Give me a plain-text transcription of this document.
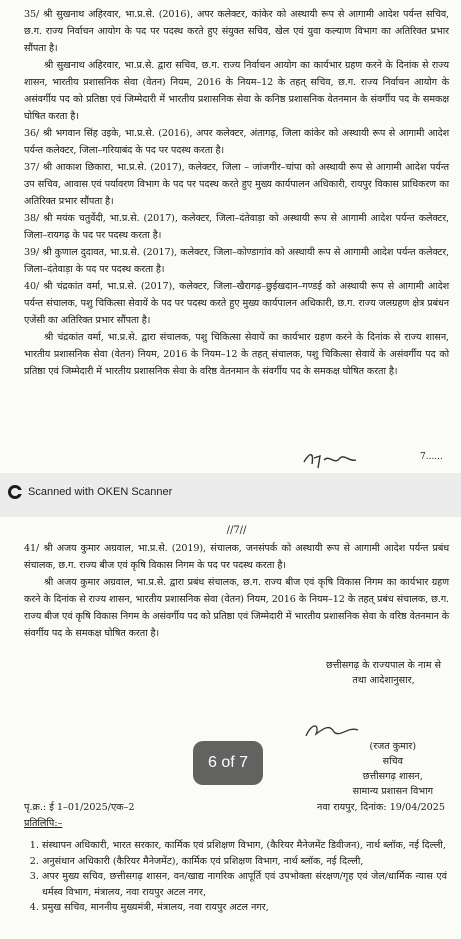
35/ श्री सुखनाथ अहिरवार, भा.प्र.से. (2016), अपर कलेक्टर, कांकेर को अस्थायी रूप से आगामी आदेश पर्यन्त सचिव, छ.ग. राज्य निर्वाचन आयोग के पद पर पदस्थ करते हुए संयुक्त सचिव, खेल एवं युवा कल्याण विभाग का अतिरिक्त प्रभार सौंपता है।

श्री सुखनाथ अहिरवार, भा.प्र.से. द्वारा सचिव, छ.ग. राज्य निर्वाचन आयोग का कार्यभार ग्रहण करने के दिनांक से राज्य शासन, भारतीय प्रशासनिक सेवा (वेतन) नियम, 2016 के नियम–12 के तहत् सचिव, छ.ग. राज्य निर्वाचन आयोग के असंवर्गीय पद को प्रतिष्ठा एवं जिम्मेदारी में भारतीय प्रशासनिक सेवा के कनिष्ठ प्रशासनिक वेतनमान के संवर्गीय पद के समकक्ष घोषित करता है।

36/ श्री भगवान सिंह उइके, भा.प्र.से. (2016), अपर कलेक्टर, अंतागढ़, जिला कांकेर को अस्थायी रूप से आगामी आदेश पर्यन्त कलेक्टर, जिला–गरियाबंद के पद पर पदस्थ करता है।

37/ श्री आकाश छिकारा, भा.प्र.से. (2017), कलेक्टर, जिला – जांजगीर–चांपा को अस्थायी रूप से आगामी आदेश पर्यन्त उप सचिव, आवास एवं पर्यावरण विभाग के पद पर पदस्थ करते हुए मुख्य कार्यपालन अधिकारी, रायपुर विकास प्राधिकरण का अतिरिक्त प्रभार सौंपता है।

38/ श्री मयंक चतुर्वेदी, भा.प्र.से. (2017), कलेक्टर, जिला–दंतेवाड़ा को अस्थायी रूप से आगामी आदेश पर्यन्त कलेक्टर, जिला–रायगढ़ के पद पर पदस्थ करता है।

39/ श्री कुणाल दुदावत, भा.प्र.से. (2017), कलेक्टर, जिला–कोण्डागांव को अस्थायी रूप से आगामी आदेश पर्यन्त कलेक्टर, जिला–दंतेवाड़ा के पद पर पदस्थ करता है।

40/ श्री चंद्रकांत वर्मा, भा.प्र.से. (2017), कलेक्टर, जिला–खैरागढ़–छुईखदान–गण्डई को अस्थायी रूप से आगामी आदेश पर्यन्त संचालक, पशु चिकित्सा सेवायें के पद पर पदस्थ करते हुए मुख्य कार्यपालन अधिकारी, छ.ग. राज्य जलग्रहण क्षेत्र प्रबंधन एजेंसी का अतिरिक्त प्रभार सौंपता है।

श्री चंद्रकांत वर्मा, भा.प्र.से. द्वारा संचालक, पशु चिकित्सा सेवायें का कार्यभार ग्रहण करने के दिनांक से राज्य शासन, भारतीय प्रशासनिक सेवा (वेतन) नियम, 2016 के नियम–12 के तहत् संचालक, पशु चिकित्सा सेवायें के असंवर्गीय पद को प्रतिष्ठा एवं जिम्मेदारी में भारतीय प्रशासनिक सेवा के वरिष्ठ वेतनमान के संवर्गीय पद के समकक्ष घोषित करता है।

7......
Scanned with OKEN Scanner
//7//

41/ श्री अजय कुमार अग्रवाल, भा.प्र.से. (2019), संचालक, जनसंपर्क को अस्थायी रूप से आगामी आदेश पर्यन्त प्रबंध संचालक, छ.ग. राज्य बीज एवं कृषि विकास निगम के पद पर पदस्थ करता है।

श्री अजय कुमार अग्रवाल, भा.प्र.से. द्वारा प्रबंध संचालक, छ.ग. राज्य बीज एवं कृषि विकास निगम का कार्यभार ग्रहण करने के दिनांक से राज्य शासन, भारतीय प्रशासनिक सेवा (वेतन) नियम, 2016 के नियम–12 के तहत् प्रबंध संचालक, छ.ग. राज्य बीज एवं कृषि विकास निगम के असंवर्गीय पद को प्रतिष्ठा एवं जिम्मेदारी में भारतीय प्रशासनिक सेवा के वरिष्ठ वेतनमान के संवर्गीय पद के समकक्ष घोषित करता है।

छत्तीसगढ़ के राज्यपाल के नाम से
तथा आदेशानुसार,
(रजत कुमार)
सचिव
छत्तीसगढ़ शासन,
सामान्य प्रशासन विभाग
पृ.क्र.: ई 1–01/2025/एक–2	नवा रायपुर, दिनांक: 19/04/2025
प्रतिलिपि:–
1. संस्थापन अधिकारी, भारत सरकार, कार्मिक एवं प्रशिक्षण विभाग, (कैरियर मैनेजमेंट डिवीजन), नार्थ ब्लॉक, नई दिल्ली,
2. अनुसंधान अधिकारी (कैरियर मैनेजमेंट), कार्मिक एवं प्रशिक्षण विभाग, नार्थ ब्लॉक, नई दिल्ली,
3. अपर मुख्य सचिव, छत्तीसगढ़ शासन, वन/खाद्य नागरिक आपूर्ति एवं उपभोक्ता संरक्षण/गृह एवं जेल/धार्मिक न्यास एवं धर्मस्व विभाग, मंत्रालय, नवा रायपुर अटल नगर,
4. प्रमुख सचिव, माननीय मुख्यमंत्री, मंत्रालय, नवा रायपुर अटल नगर,
6 of 7
